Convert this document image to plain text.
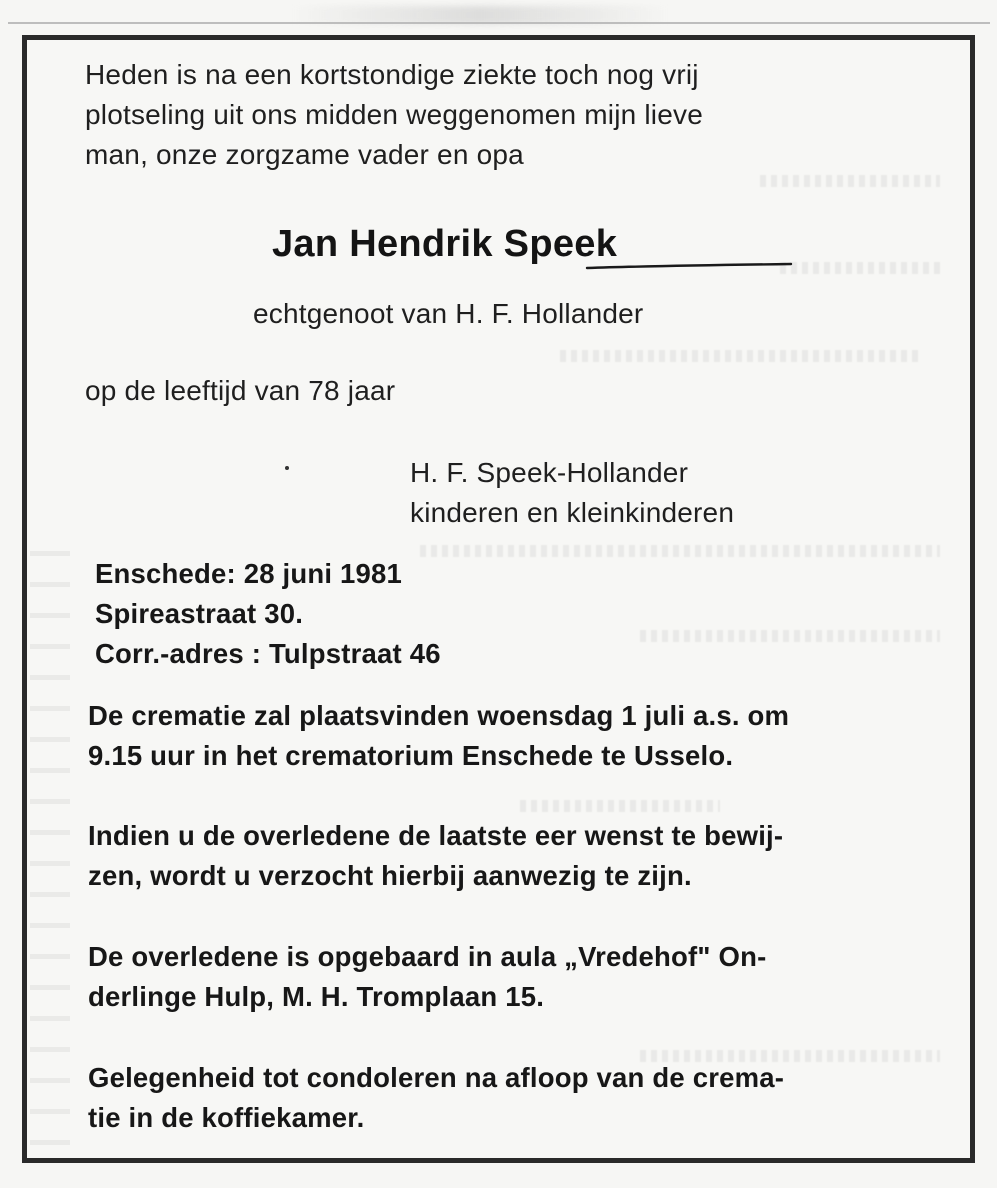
Heden is na een kortstondige ziekte toch nog vrij
plotseling uit ons midden weggenomen mijn lieve
man, onze zorgzame vader en opa
Jan Hendrik Speek
echtgenoot van H. F. Hollander
op de leeftijd van 78 jaar
H. F. Speek-Hollander
kinderen en kleinkinderen
Enschede: 28 juni 1981
Spireastraat 30.
Corr.-adres : Tulpstraat 46
De crematie zal plaatsvinden woensdag 1 juli a.s. om
9.15 uur in het crematorium Enschede te Usselo.
Indien u de overledene de laatste eer wenst te bewij-
zen, wordt u verzocht hierbij aanwezig te zijn.
De overledene is opgebaard in aula „Vredehof" On-
derlinge Hulp, M. H. Tromplaan 15.
Gelegenheid tot condoleren na afloop van de crema-
tie in de koffiekamer.
